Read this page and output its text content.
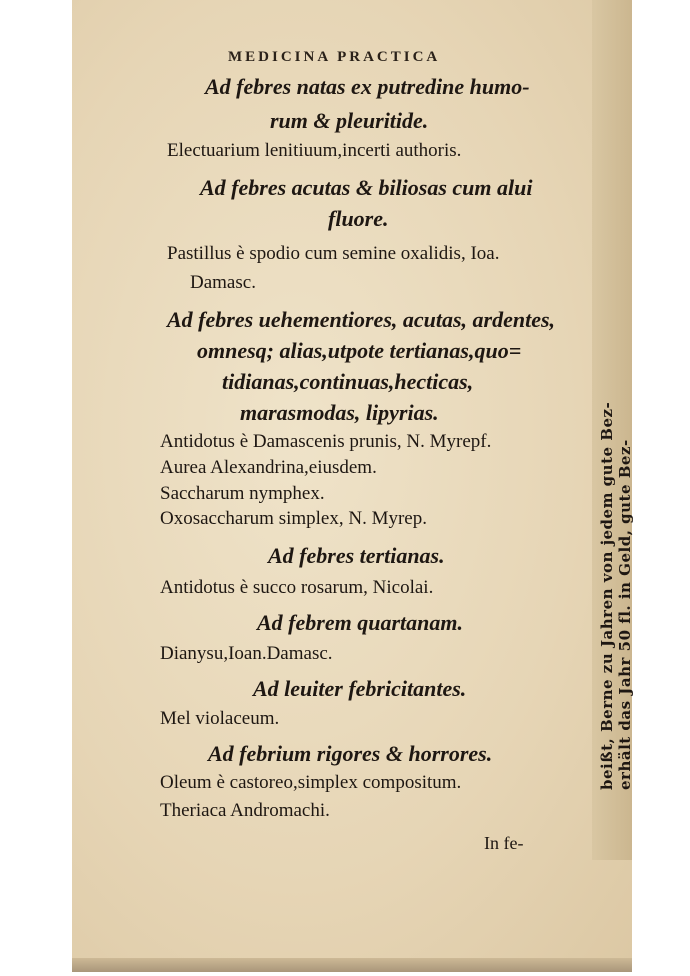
beißt, Berne zu Jahren von jedem gute Bez- erhält das Jahr 50 fl. in Geld, gute Bez-
MEDICINA PRACTICA
Ad febres natas ex putredine humo-
rum & pleuritide.
Electuarium lenitiuum,incerti authoris.
Ad febres acutas & biliosas cum alui
fluore.
Pastillus è spodio cum semine oxalidis, Ioa.
Damasc.
Ad febres uehementiores, acutas, ardentes,
omnesq; alias,utpote tertianas,quo=
tidianas,continuas,hecticas,
marasmodas, lipyrias.
Antidotus è Damascenis prunis, N. Myrepf.
Aurea Alexandrina,eiusdem.
Saccharum nymphex.
Oxosaccharum simplex, N. Myrep.
Ad febres tertianas.
Antidotus è succo rosarum, Nicolai.
Ad febrem quartanam.
Dianysu,Ioan.Damasc.
Ad leuiter febricitantes.
Mel violaceum.
Ad febrium rigores & horrores.
Oleum è castoreo,simplex compositum.
Theriaca Andromachi.
In fe-
